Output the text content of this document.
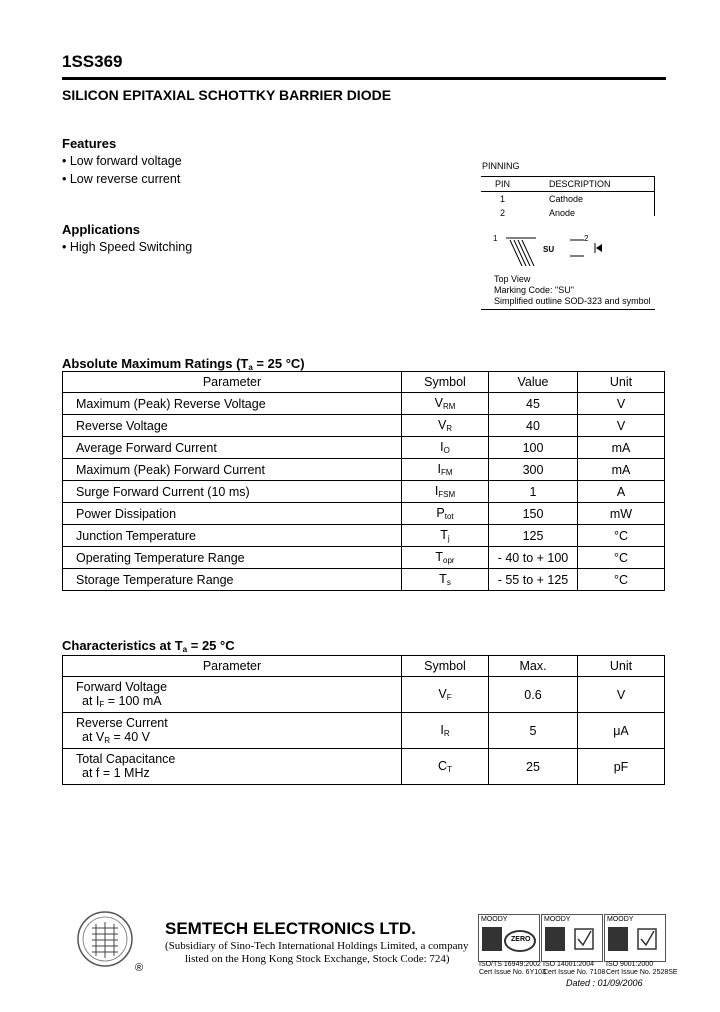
1SS369
SILICON EPITAXIAL SCHOTTKY BARRIER DIODE
Features
• Low forward voltage
• Low reverse current
Applications
• High Speed Switching
PINNING
PIN	DESCRIPTION
1	Cathode
2	Anode
1	2
SU
Top View
Marking Code: "SU"
Simplified outline SOD-323 and symbol
Absolute Maximum Ratings ($T_a = 25$ °C)
Parameter	Symbol	Value	Unit
Maximum (Peak) Reverse Voltage	$V_{RM}$	45	V
Reverse Voltage	$V_R$	40	V
Average Forward Current	$I_O$	100	mA
Maximum (Peak) Forward Current	$I_{FM}$	300	mA
Surge Forward Current (10 ms)	$I_{FSM}$	1	A
Power Dissipation	$P_{tot}$	150	mW
Junction Temperature	$T_j$	125	°C
Operating Temperature Range	$T_{opr}$	- 40 to + 100	°C
Storage Temperature Range	$T_s$	- 55 to + 125	°C
Characteristics at $T_a = 25$ °C
Parameter	Symbol	Max.	Unit

Forward Voltage
at $I_F = 100$ mA	$V_F$	0.6	V

Reverse Current
at $V_R = 40$ V	$I_R$	5	μA

Total Capacitance
at f = 1 MHz	$C_T$	25	pF
®
SEMTECH ELECTRONICS LTD.
(Subsidiary of Sino-Tech International Holdings Limited, a company
listed on the Hong Kong Stock Exchange, Stock Code: 724)
MOODY
ZERO
MOODY	MOODY
ISO/TS 16949:2002 ISO 14001:2004 ISO 9001:2000
Cert Issue No. 6Y103
Cert Issue No. 7108 Cert Issue No. 2528SE
Dated : 01/09/2006
